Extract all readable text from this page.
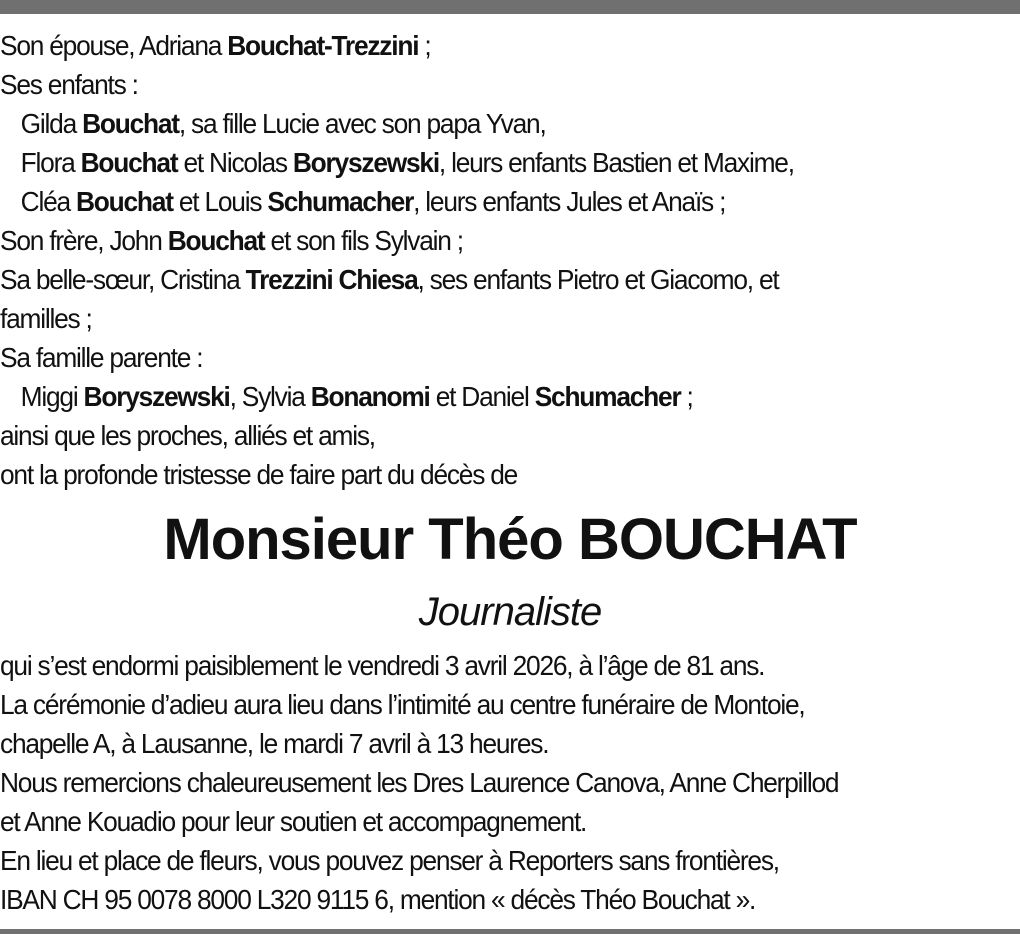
Son épouse, Adriana Bouchat-Trezzini ;
Ses enfants :
Gilda Bouchat, sa fille Lucie avec son papa Yvan,
Flora Bouchat et Nicolas Boryszewski, leurs enfants Bastien et Maxime,
Cléa Bouchat et Louis Schumacher, leurs enfants Jules et Anaïs ;
Son frère, John Bouchat et son fils Sylvain ;
Sa belle-sœur, Cristina Trezzini Chiesa, ses enfants Pietro et Giacomo, et
familles ;
Sa famille parente :
Miggi Boryszewski, Sylvia Bonanomi et Daniel Schumacher ;
ainsi que les proches, alliés et amis,
ont la profonde tristesse de faire part du décès de
Monsieur Théo BOUCHAT
Journaliste
qui s’est endormi paisiblement le vendredi 3 avril 2026, à l’âge de 81 ans.
La cérémonie d’adieu aura lieu dans l’intimité au centre funéraire de Montoie,
chapelle A, à Lausanne, le mardi 7 avril à 13 heures.
Nous remercions chaleureusement les Dres Laurence Canova, Anne Cherpillod
et Anne Kouadio pour leur soutien et accompagnement.
En lieu et place de fleurs, vous pouvez penser à Reporters sans frontières,
IBAN CH 95 0078 8000 L320 9115 6, mention « décès Théo Bouchat ».
